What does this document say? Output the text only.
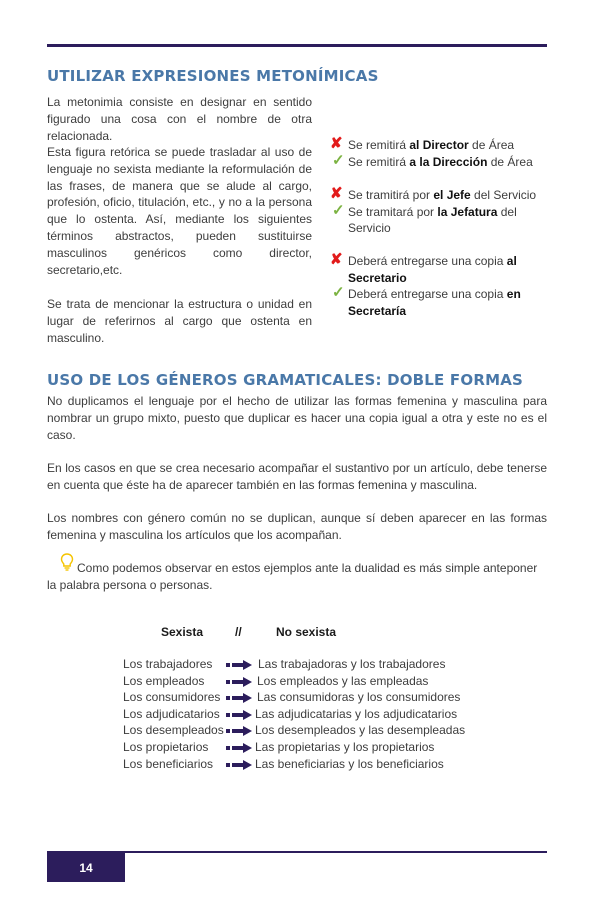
UTILIZAR EXPRESIONES METONÍMICAS

La metonimia consiste en designar en sentido figurado una cosa con el nombre de otra relacionada.

Esta figura retórica se puede trasladar al uso de lenguaje no sexista mediante la reformulación de las frases, de manera que se alude al cargo, profesión, oficio, titulación, etc., y no a la persona que lo ostenta. Así, mediante los siguientes términos abstractos, pueden sustituirse masculinos genéricos como director, secretario,etc.

Se trata de mencionar la estructura o unidad en lugar de referirnos al cargo que ostenta en masculino.

✘ Se remitirá al Director de Área
✓ Se remitirá a la Dirección de Área
✘ Se tramitirá por el Jefe del Servicio
✓ Se tramitará por la Jefatura del Servicio
✘ Deberá entregarse una copia al Secretario
✓ Deberá entregarse una copia en Secretaría
USO DE LOS GÉNEROS GRAMATICALES: DOBLE FORMAS

No duplicamos el lenguaje por el hecho de utilizar las formas femenina y masculina para nombrar un grupo mixto, puesto que duplicar es hacer una copia igual a otra y este no es el caso.

En los casos en que se crea necesario acompañar el sustantivo por un artículo, debe tenerse en cuenta que éste ha de aparecer también en las formas femenina y masculina.

Los nombres con género común no se duplican, aunque sí deben aparecer en las formas femenina y masculina los artículos que los acompañan.

Como podemos observar en estos ejemplos ante la dualidad es más simple anteponer la palabra persona o personas.

Sexista	//	No sexista
Los trabajadores	Las trabajadoras y los trabajadores
Los empleados	Los empleados y las empleadas
Los consumidores	Las consumidoras y los consumidores
Los adjudicatarios	Las adjudicatarias y los adjudicatarios
Los desempleados	Los desempleados y las desempleadas
Los propietarios	Las propietarias y los propietarios
Los beneficiarios	Las beneficiarias y los beneficiarios
14
